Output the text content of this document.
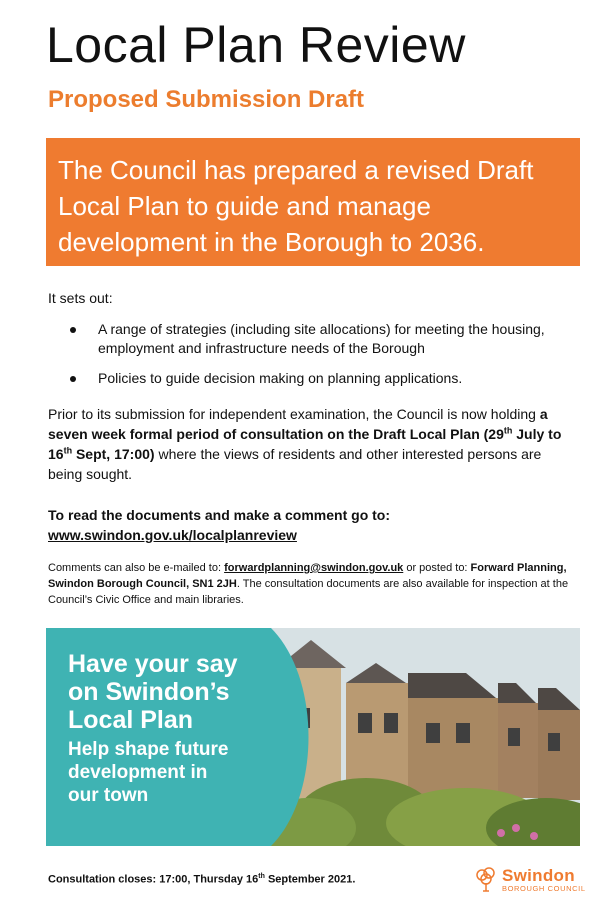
Local Plan Review
Proposed Submission Draft

The Council has prepared a revised Draft

Local Plan to guide and manage

development in the Borough to 2036.

It sets out:

A range of strategies (including site allocations) for meeting the housing, employment and infrastructure needs of the Borough
Policies to guide decision making on planning applications.

Prior to its submission for independent examination, the Council is now holding a seven week formal period of consultation on the Draft Local Plan (29th July to 16th Sept, 17:00) where the views of residents and other interested persons are being sought.

To read the documents and make a comment go to:
www.swindon.gov.uk/localplanreview

Comments can also be e-mailed to: forwardplanning@swindon.gov.uk or posted to: Forward Planning, Swindon Borough Council, SN1 2JH. The consultation documents are also available for inspection at the Council’s Civic Office and main libraries.

Have your say
on Swindon’s
Local Plan
Help shape future
development in
our town

Consultation closes: 17:00, Thursday 16th September 2021.	Swindon
BOROUGH COUNCIL
